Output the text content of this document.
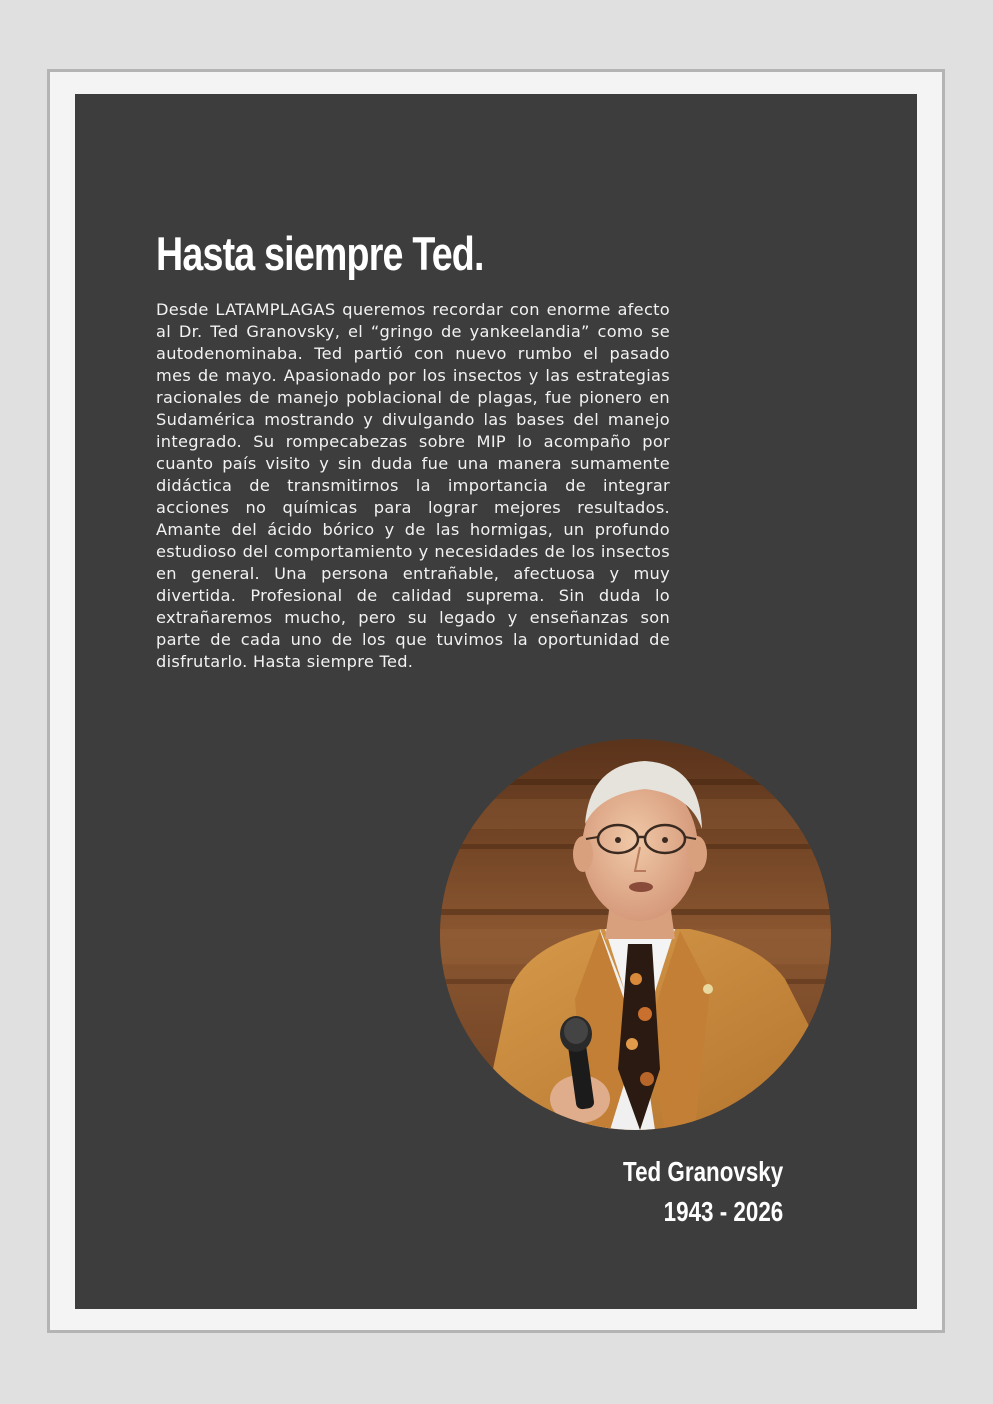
Hasta siempre Ted.

Desde LATAMPLAGAS queremos recordar con enorme afecto al Dr. Ted Granovsky, el “gringo de yankeelandia” como se autodenominaba. Ted partió con nuevo rumbo el pasado mes de mayo. Apasionado por los insectos y las estrategias racionales de manejo poblacional de plagas, fue pionero en Sudamérica mostrando y divulgando las bases del manejo integrado. Su rompecabezas sobre MIP lo acompaño por cuanto país visito y sin duda fue una manera sumamente didáctica de transmitirnos la importancia de integrar acciones no químicas para lograr mejores resultados. Amante del ácido bórico y de las hormigas, un profundo estudioso del comportamiento y necesidades de los insectos en general. Una persona entrañable, afectuosa y muy divertida. Profesional de calidad suprema. Sin duda lo extrañaremos mucho, pero su legado y enseñanzas son parte de cada uno de los que tuvimos la oportunidad de disfrutarlo. Hasta siempre Ted.

Ted Granovsky
1943 - 2026
